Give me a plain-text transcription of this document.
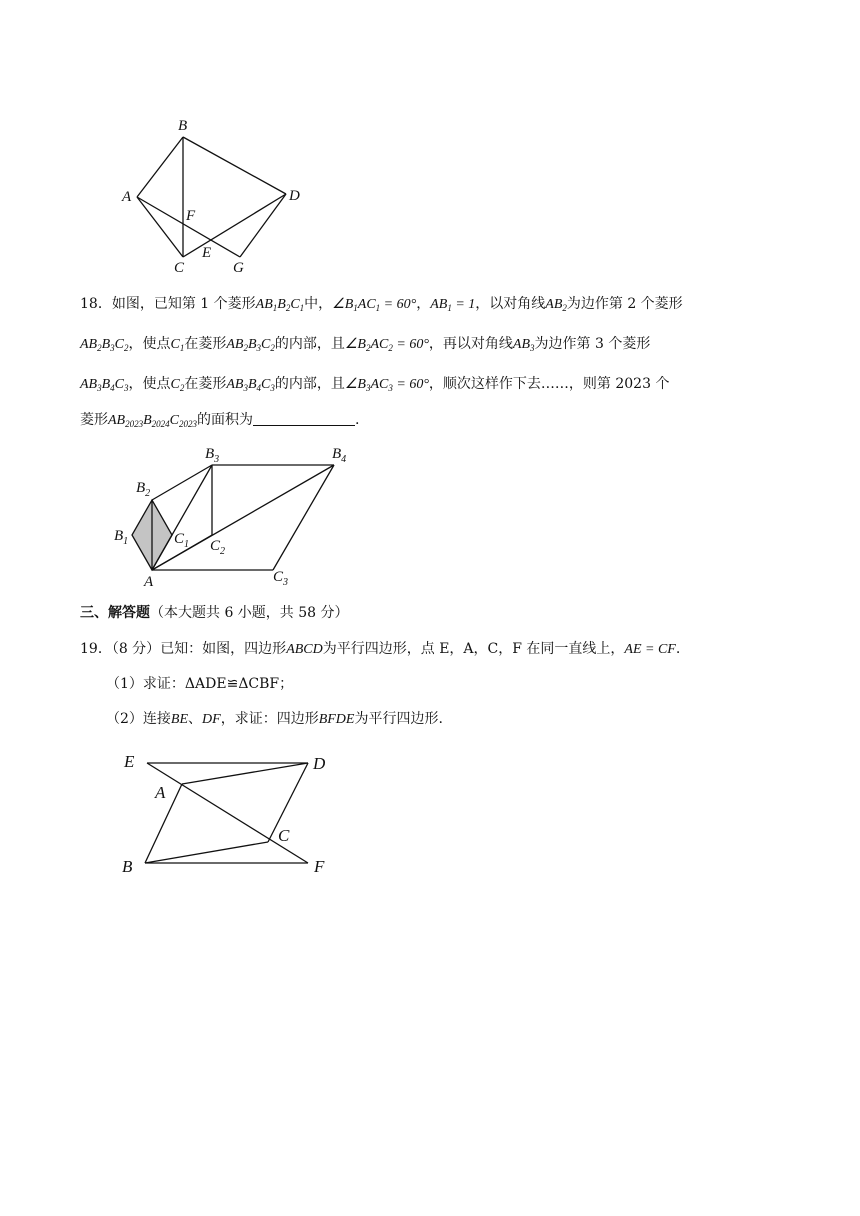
B
A	D
F
E
C	G
18．如图，已知第 1 个菱形$AB_1B_2C_1$中，$\angle B_1AC_1 = 60^\circ$，$AB_1 = 1$，以对角线$AB_2$为边作第 2 个菱形
$AB_2B_3C_2$，使点$C_1$在菱形$AB_2B_3C_2$的内部，且$\angle B_2AC_2 = 60^\circ$，再以对角线$AB_3$为边作第 3 个菱形
$AB_3B_4C_3$，使点$C_2$在菱形$AB_3B_4C_3$的内部，且$\angle B_3AC_3 = 60^\circ$，顺次这样作下去……，则第 2023 个
菱形$AB_{2023}B_{2024}C_{2023}$的面积为	.
$B_3$	$B_4$
$B_2$
$B_1$	$C_1$ $C_2$
$C_3$
A
三、解答题（本大题共 6 小题，共 58 分）
19．（8 分）已知：如图，四边形ABCD为平行四边形，点 E，A，C，F 在同一直线上，AE = CF.
（1）求证：ΔADE≌ΔCBF；
（2）连接BE、DF，求证：四边形BFDE为平行四边形.
E	D
A
C
B	F
